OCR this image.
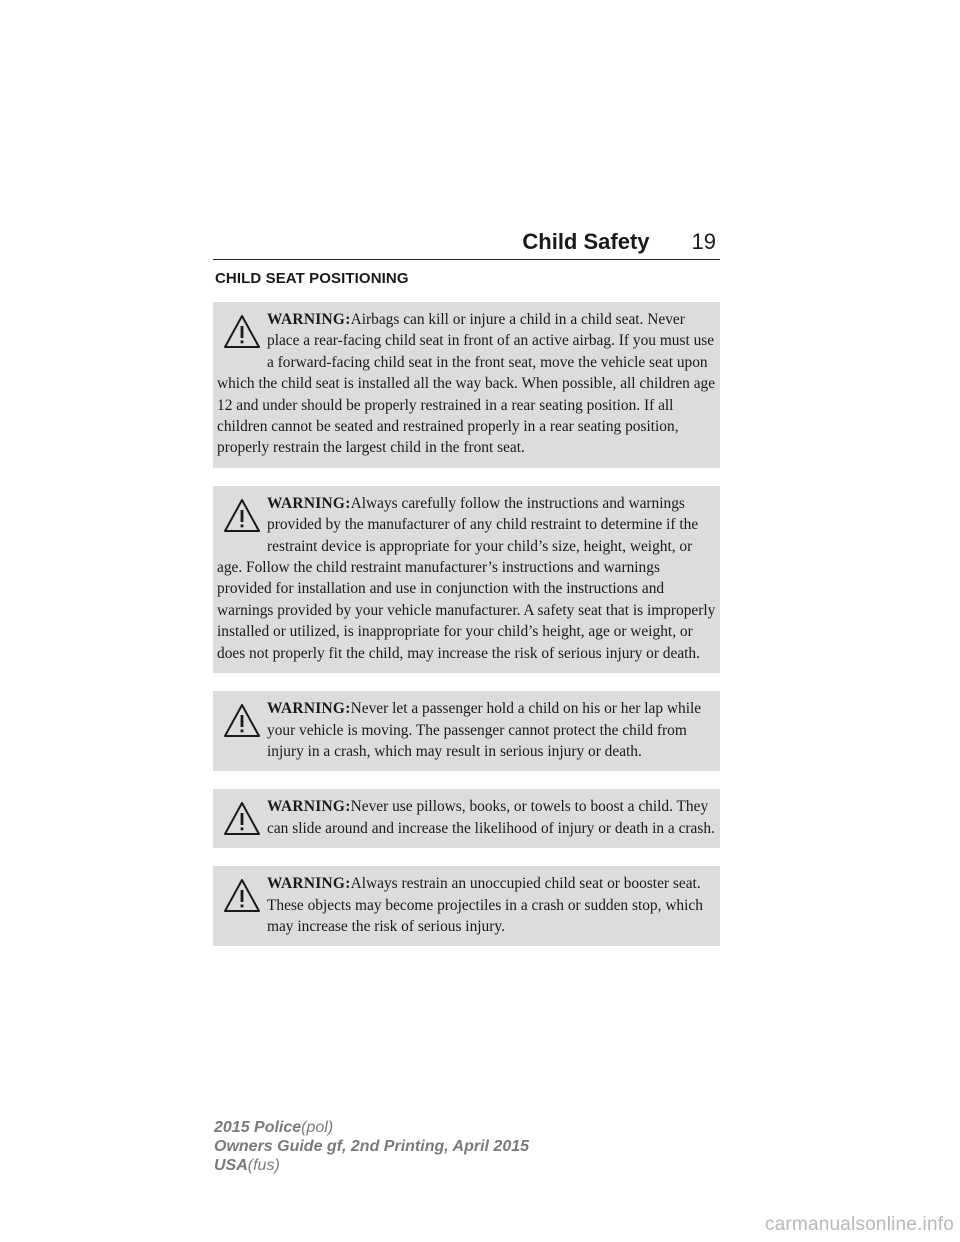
Child Safety 19
CHILD SEAT POSITIONING
WARNING:Airbags can kill or injure a child in a child seat. Never place a rear-facing child seat in front of an active airbag. If you must use a forward-facing child seat in the front seat, move the vehicle seat upon which the child seat is installed all the way back. When possible, all children age 12 and under should be properly restrained in a rear seating position. If all children cannot be seated and restrained properly in a rear seating position, properly restrain the largest child in the front seat.
WARNING:Always carefully follow the instructions and warnings provided by the manufacturer of any child restraint to determine if the restraint device is appropriate for your child’s size, height, weight, or age. Follow the child restraint manufacturer’s instructions and warnings provided for installation and use in conjunction with the instructions and warnings provided by your vehicle manufacturer. A safety seat that is improperly installed or utilized, is inappropriate for your child’s height, age or weight, or does not properly fit the child, may increase the risk of serious injury or death.
WARNING:Never let a passenger hold a child on his or her lap while your vehicle is moving. The passenger cannot protect the child from injury in a crash, which may result in serious injury or death.
WARNING:Never use pillows, books, or towels to boost a child. They can slide around and increase the likelihood of injury or death in a crash.
WARNING:Always restrain an unoccupied child seat or booster seat. These objects may become projectiles in a crash or sudden stop, which may increase the risk of serious injury.
2015 Police(pol)
Owners Guide gf, 2nd Printing, April 2015
USA(fus)
carmanualsonline.info
